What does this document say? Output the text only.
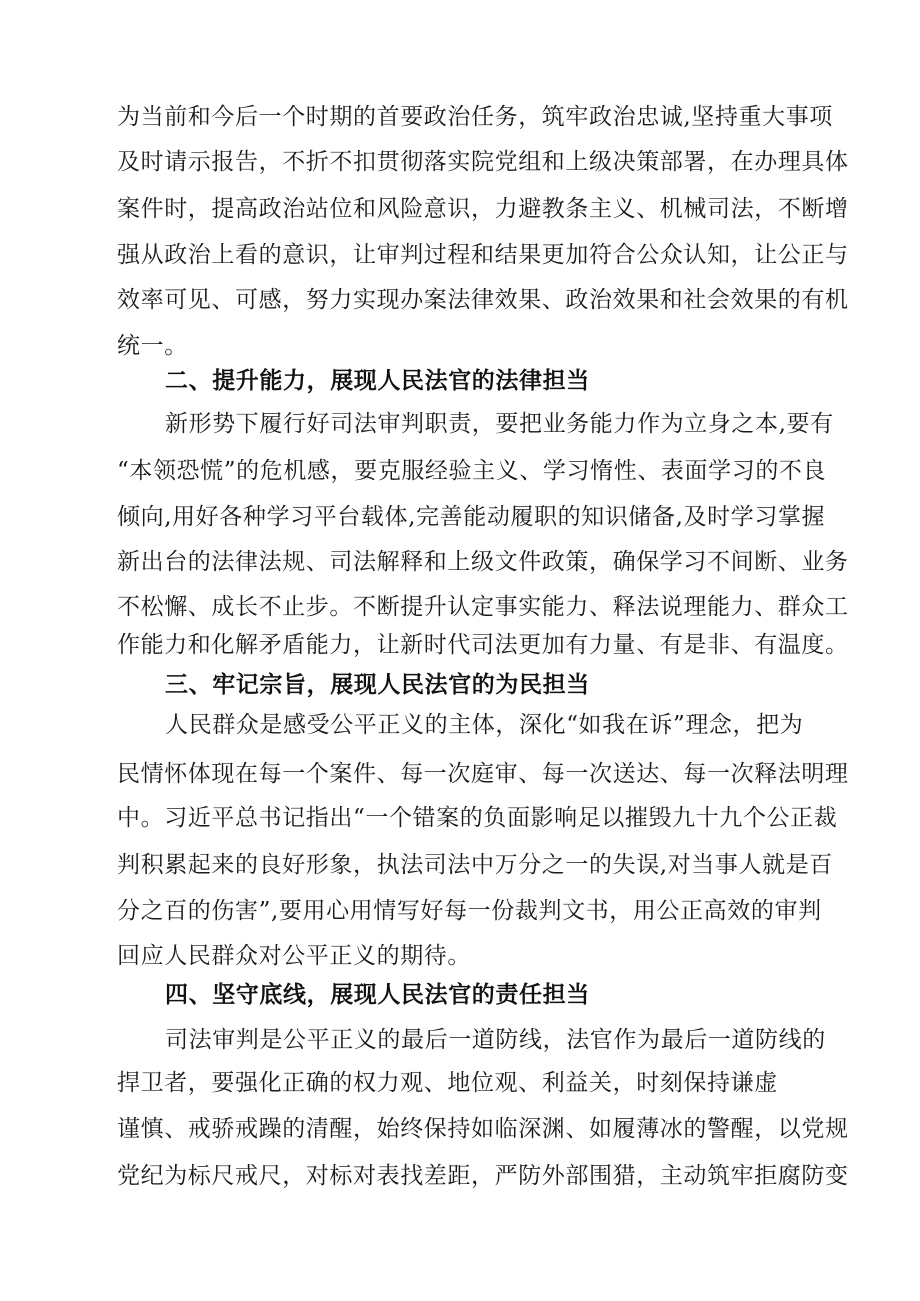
为当前和今后一个时期的首要政治任务，筑牢政治忠诚,坚持重大事项
及时请示报告，不折不扣贯彻落实院党组和上级决策部署，在办理具体
案件时，提高政治站位和风险意识，力避教条主义、机械司法，不断增
强从政治上看的意识，让审判过程和结果更加符合公众认知，让公正与
效率可见、可感，努力实现办案法律效果、政治效果和社会效果的有机
统一。
二、提升能力，展现人民法官的法律担当
新形势下履行好司法审判职责，要把业务能力作为立身之本,要有
“本领恐慌”的危机感，要克服经验主义、学习惰性、表面学习的不良
倾向,用好各种学习平台载体,完善能动履职的知识储备,及时学习掌握
新出台的法律法规、司法解释和上级文件政策，确保学习不间断、业务
不松懈、成长不止步。不断提升认定事实能力、释法说理能力、群众工
作能力和化解矛盾能力，让新时代司法更加有力量、有是非、有温度。
三、牢记宗旨，展现人民法官的为民担当
人民群众是感受公平正义的主体，深化“如我在诉”理念，把为
民情怀体现在每一个案件、每一次庭审、每一次送达、每一次释法明理
中。习近平总书记指出“一个错案的负面影响足以摧毁九十九个公正裁
判积累起来的良好形象，执法司法中万分之一的失误,对当事人就是百
分之百的伤害”,要用心用情写好每一份裁判文书，用公正高效的审判
回应人民群众对公平正义的期待。
四、坚守底线，展现人民法官的责任担当
司法审判是公平正义的最后一道防线，法官作为最后一道防线的
捍卫者，要强化正确的权力观、地位观、利益关，时刻保持谦虚
谨慎、戒骄戒躁的清醒，始终保持如临深渊、如履薄冰的警醒，以党规
党纪为标尺戒尺，对标对表找差距，严防外部围猎，主动筑牢拒腐防变
